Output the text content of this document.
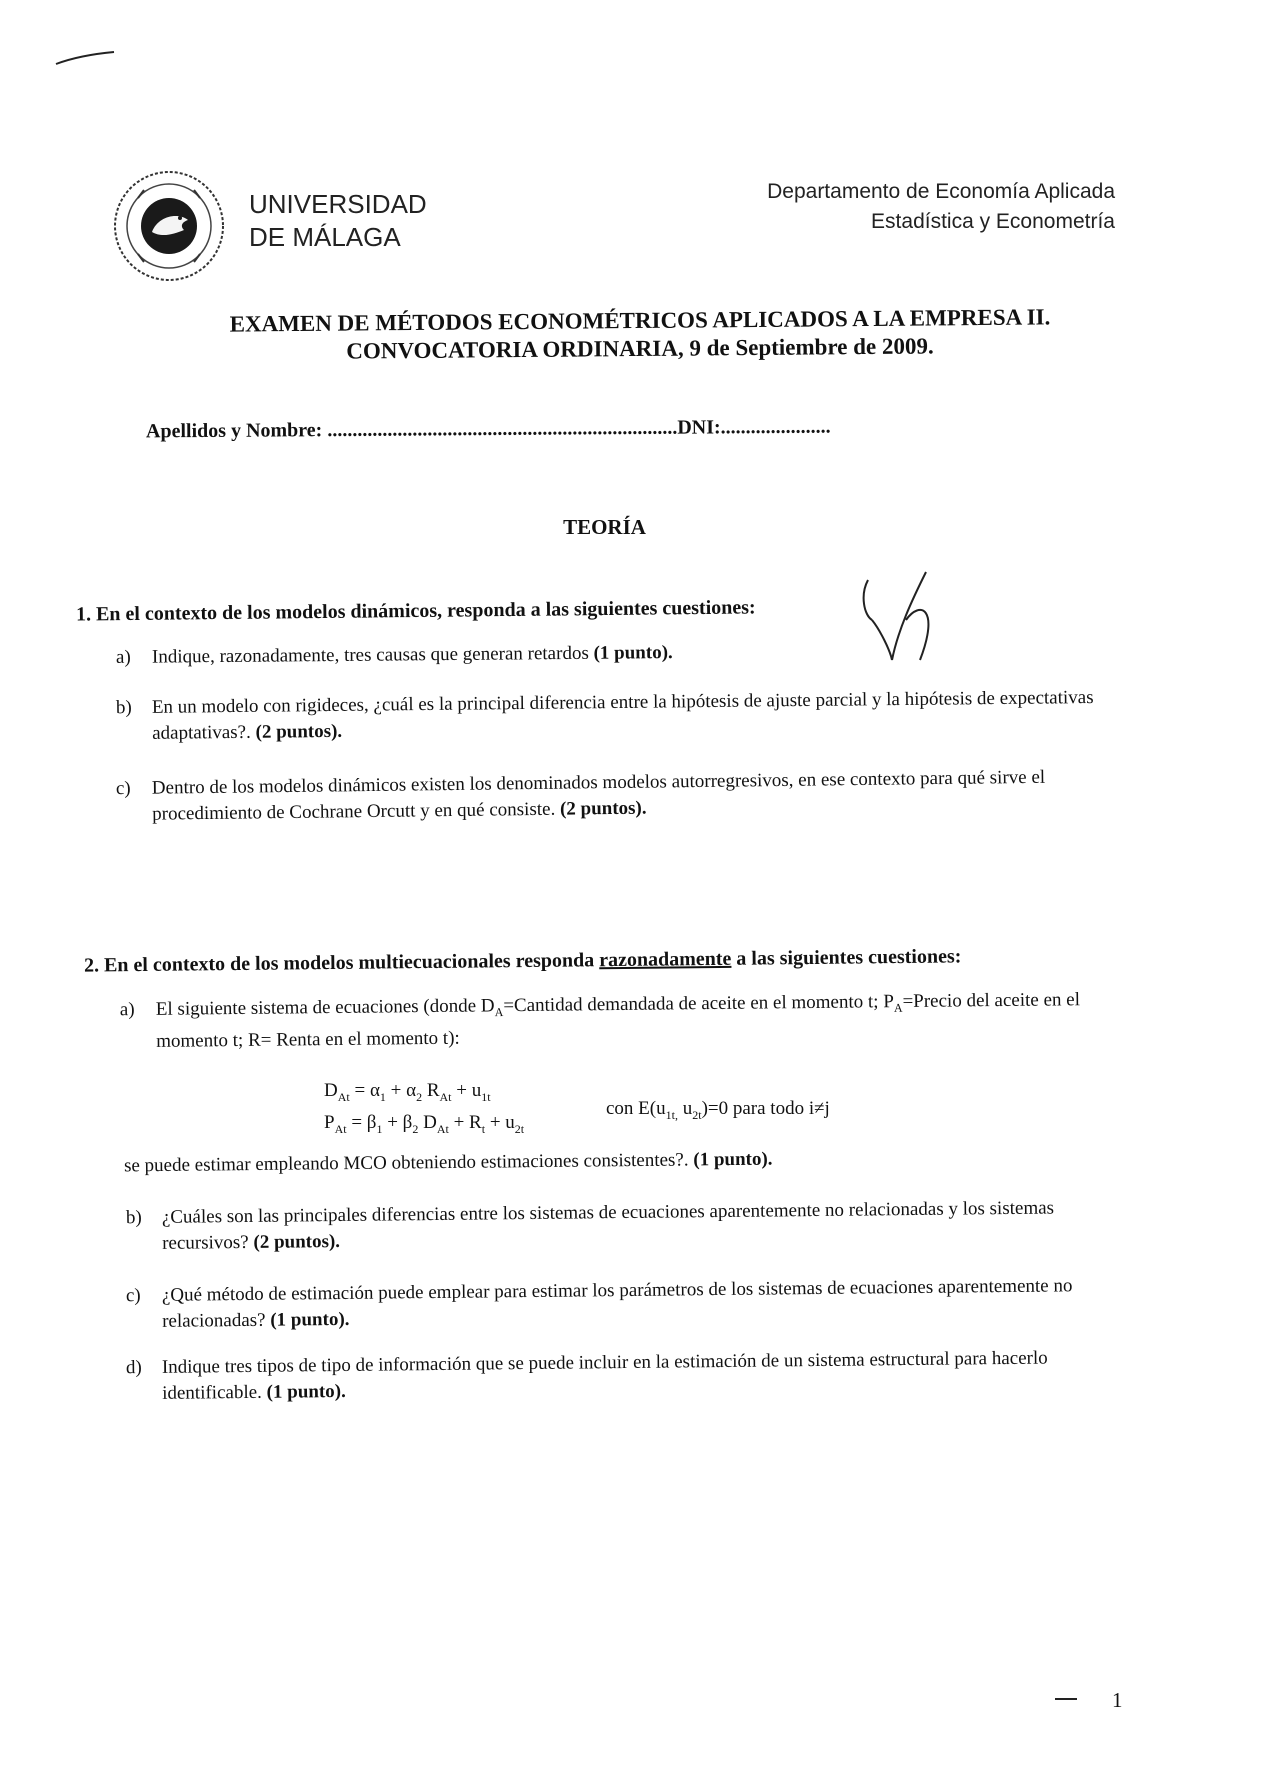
UNIVERSIDAD
DE MÁLAGA
Departamento de Economía Aplicada
Estadística y Econometría
EXAMEN DE MÉTODOS ECONOMÉTRICOS APLICADOS A LA EMPRESA II.
CONVOCATORIA ORDINARIA, 9 de Septiembre de 2009.
Apellidos y Nombre: ......................................................................DNI:......................
TEORÍA
1. En el contexto de los modelos dinámicos, responda a las siguientes cuestiones:
a) Indique, razonadamente, tres causas que generan retardos (1 punto).
b) En un modelo con rigideces, ¿cuál es la principal diferencia entre la hipótesis de ajuste parcial y la hipótesis de expectativas adaptativas?. (2 puntos).
c) Dentro de los modelos dinámicos existen los denominados modelos autorregresivos, en ese contexto para qué sirve el procedimiento de Cochrane Orcutt y en qué consiste. (2 puntos).
2. En el contexto de los modelos multiecuacionales responda razonadamente a las siguientes cuestiones:
a) El siguiente sistema de ecuaciones (donde $D_A=Cantidad$ demandada de aceite en el momento t; $P_A=Precio$ del aceite en el momento t; R= Renta en el momento t):
$D_{At} = \alpha_1 + \alpha_2$ $R_{At} + u_{1t}$
$P_{At} = \beta_1 + \beta_2$ $D_{At} + R_t + u_{2t}$
con $E(u_{1t,}$ $u_{2t})=0$ para todo i≠j
se puede estimar empleando MCO obteniendo estimaciones consistentes?. (1 punto).
b) ¿Cuáles son las principales diferencias entre los sistemas de ecuaciones aparentemente no relacionadas y los sistemas recursivos? (2 puntos).
c) ¿Qué método de estimación puede emplear para estimar los parámetros de los sistemas de ecuaciones aparentemente no relacionadas? (1 punto).
d) Indique tres tipos de tipo de información que se puede incluir en la estimación de un sistema estructural para hacerlo identificable. (1 punto).
1
